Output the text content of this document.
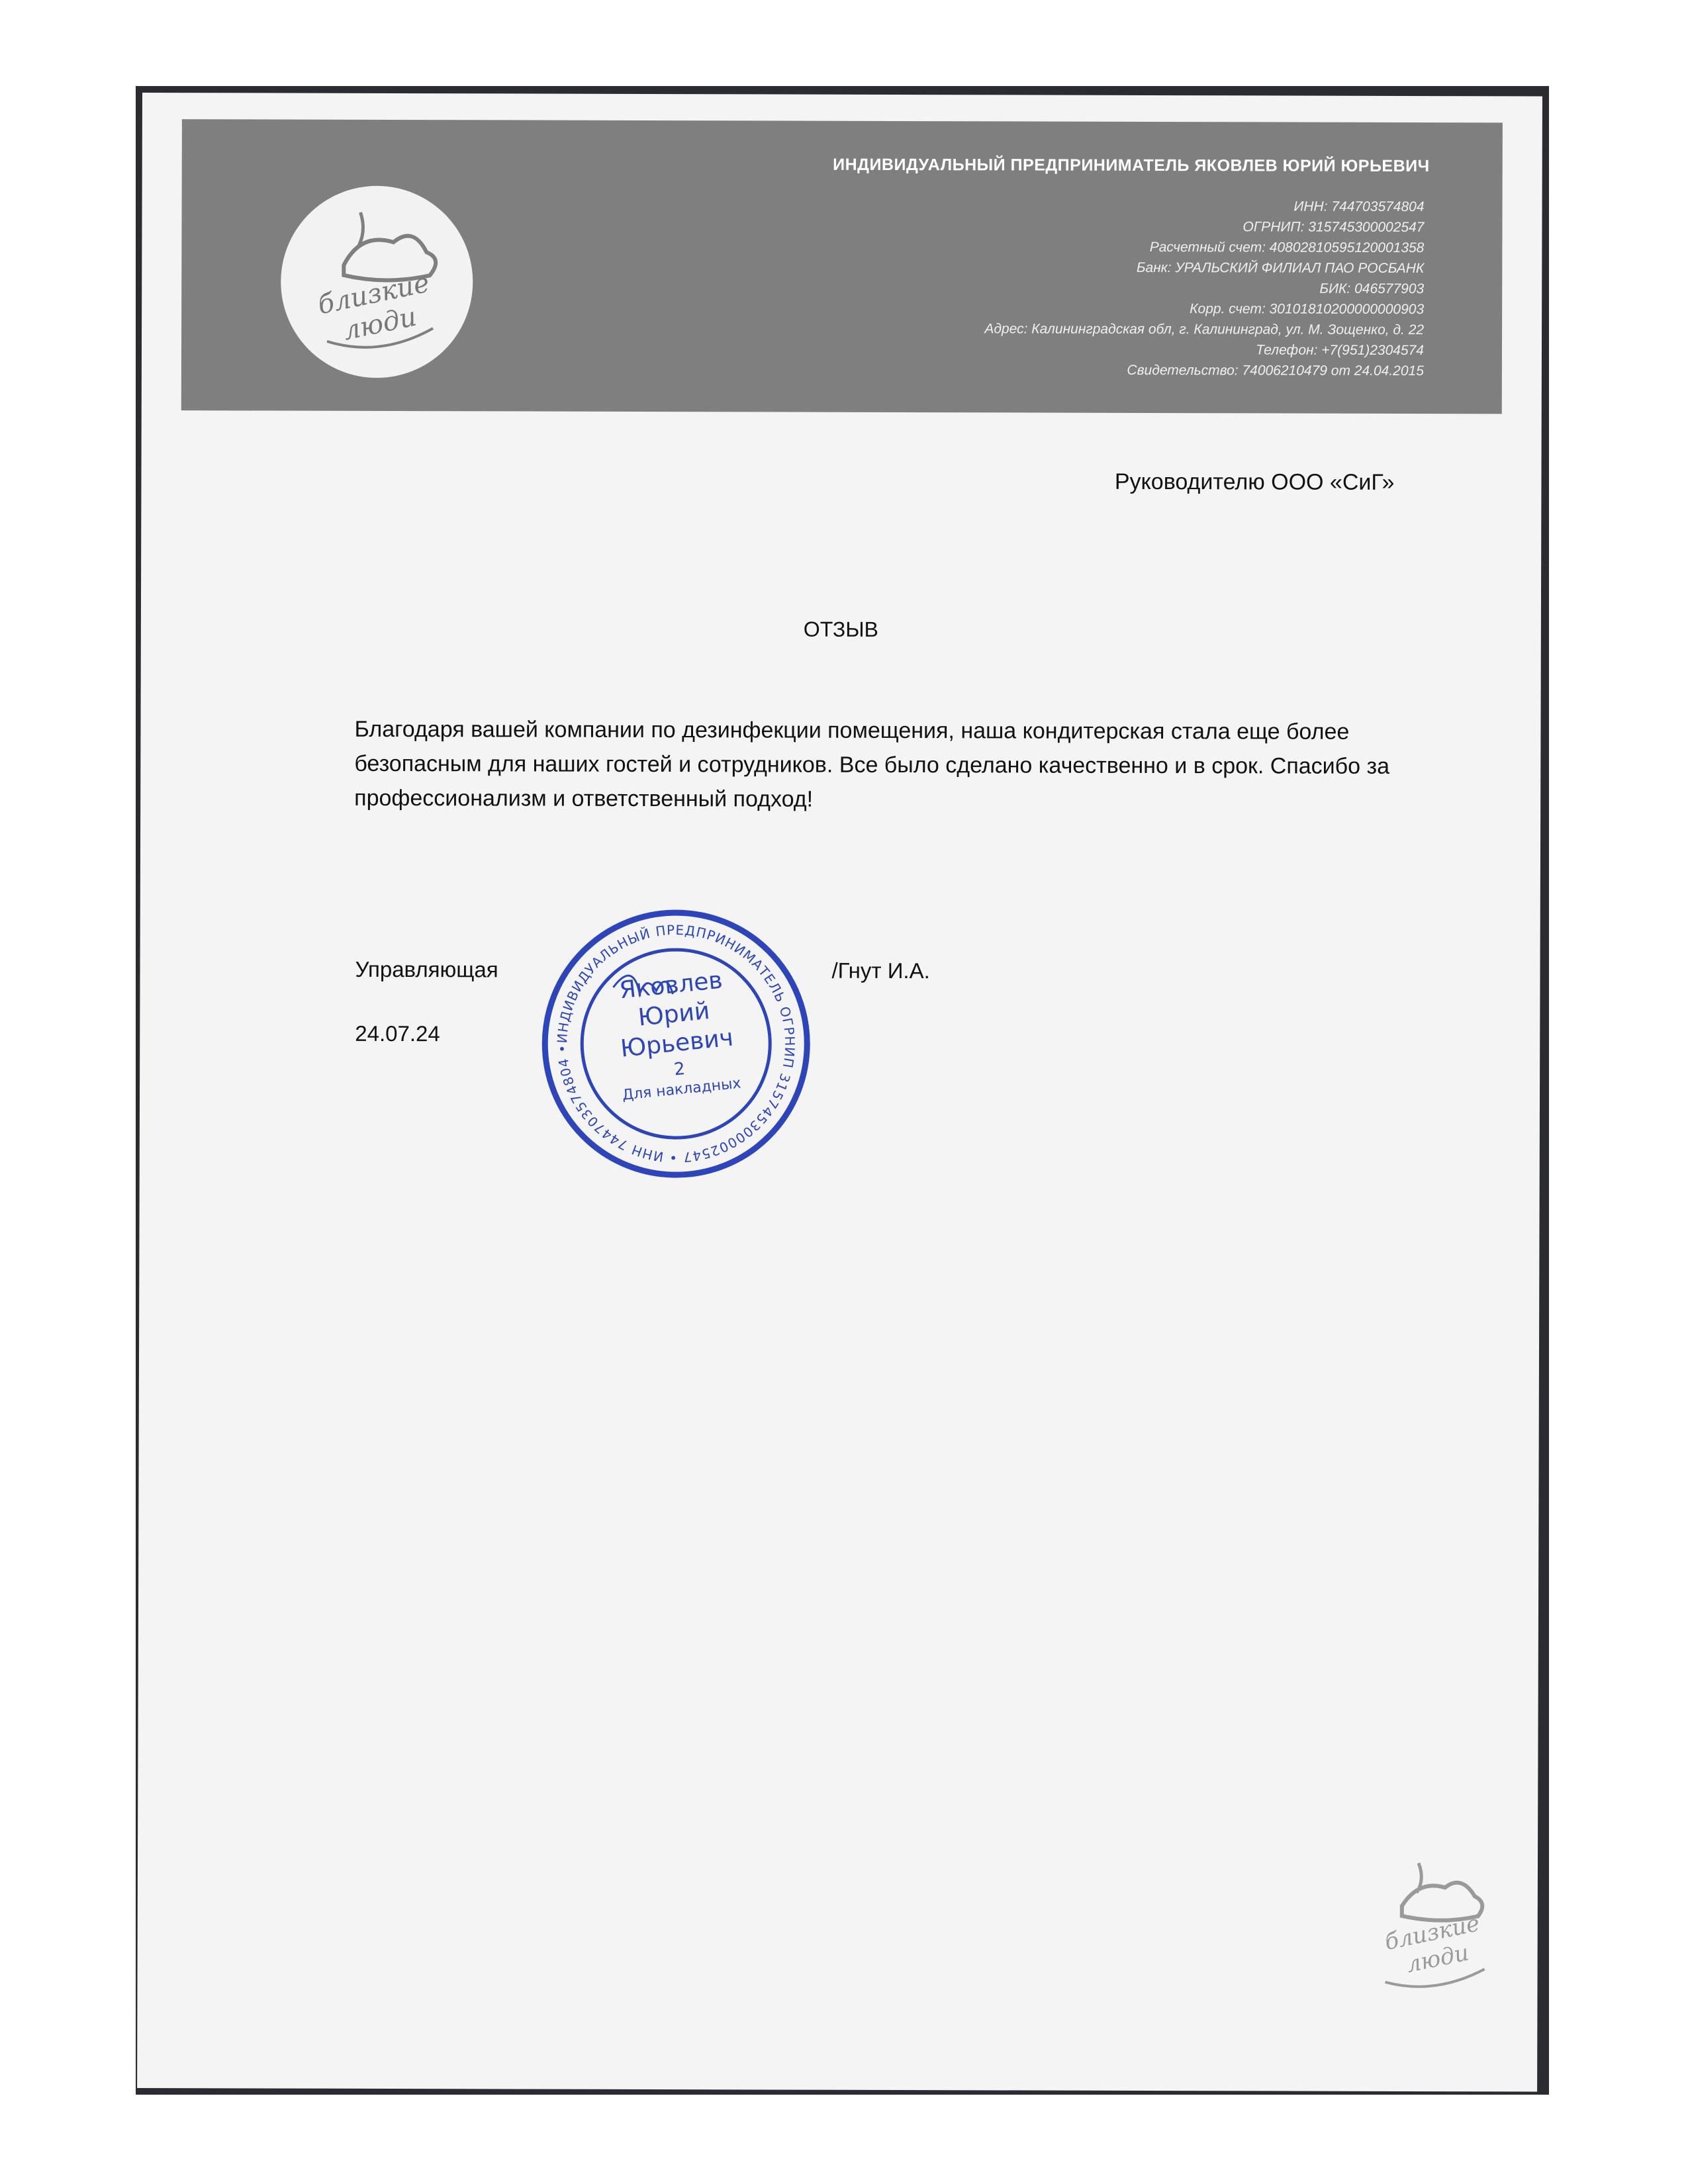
близкие люди
ИНДИВИДУАЛЬНЫЙ ПРЕДПРИНИМАТЕЛЬ ЯКОВЛЕВ ЮРИЙ ЮРЬЕВИЧ
ИНН: 744703574804
ОГРНИП: 315745300002547
Расчетный счет: 40802810595120001358
Банк: УРАЛЬСКИЙ ФИЛИАЛ ПАО РОСБАНК
БИК: 046577903
Корр. счет: 30101810200000000903
Адрес: Калининградская обл, г. Калининград, ул. М. Зощенко, д. 22
Телефон: +7(951)2304574
Свидетельство: 74006210479 от 24.04.2015
Руководителю ООО «СиГ»
ОТЗЫВ
Благодаря вашей компании по дезинфекции помещения, наша кондитерская стала еще более безопасным для наших гостей и сотрудников. Все было сделано качественно и в срок. Спасибо за профессионализм и ответственный подход!
Управляющая	/Гнут И.А.
24.07.24	ИНДИВИДУАЛЬНЫЙ ПРЕДПРИНИМАТЕЛЬ ОГРНИП 315745300002547 • ИНН 744703574804 •
Яковлев
Юрий
Юрьевич
2
Для накладных
близкие люди
